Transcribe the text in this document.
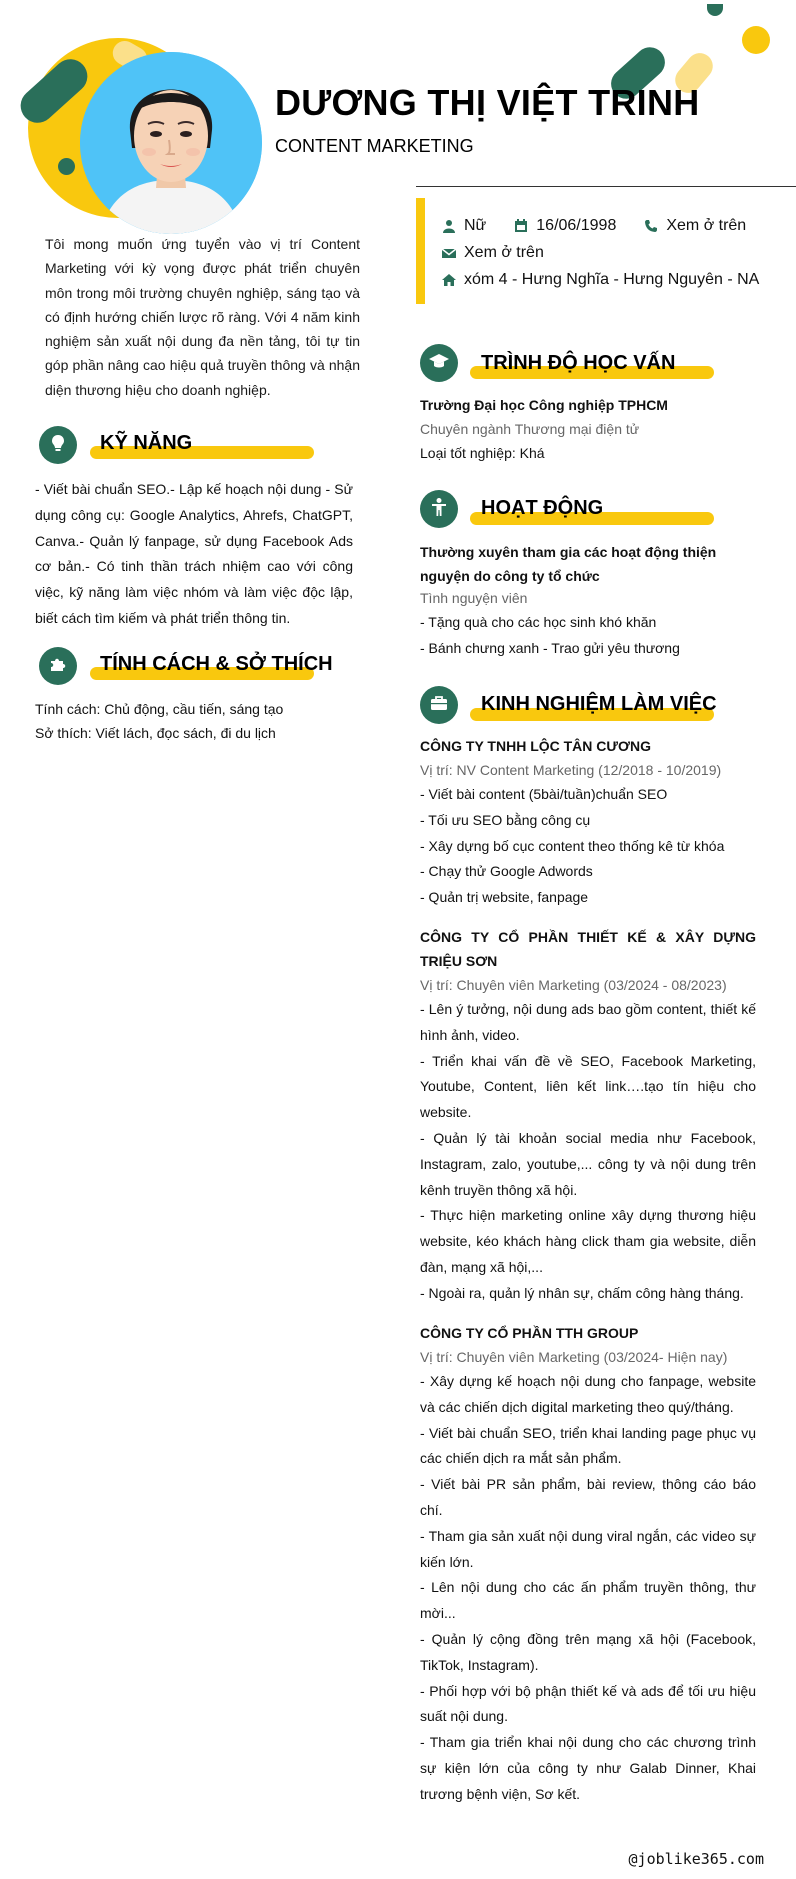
DƯƠNG THỊ VIỆT TRINH
CONTENT MARKETING
Tôi mong muốn ứng tuyển vào vị trí Content Marketing với kỳ vọng được phát triển chuyên môn trong môi trường chuyên nghiệp, sáng tạo và có định hướng chiến lược rõ ràng. Với 4 năm kinh nghiệm sản xuất nội dung đa nền tảng, tôi tự tin góp phần nâng cao hiệu quả truyền thông và nhận diện thương hiệu cho doanh nghiệp.
Nữ	16/06/1998	Xem ở trên
Xem ở trên
xóm 4 - Hưng Nghĩa - Hưng Nguyên - NA
KỸ NĂNG
- Viết bài chuẩn SEO.- Lập kế hoạch nội dung - Sử dụng công cụ: Google Analytics, Ahrefs, ChatGPT, Canva.- Quản lý fanpage, sử dụng Facebook Ads cơ bản.- Có tinh thần trách nhiệm cao với công việc, kỹ năng làm việc nhóm và làm việc độc lập, biết cách tìm kiếm và phát triển thông tin.
TÍNH CÁCH & SỞ THÍCH
Tính cách: Chủ động, cầu tiến, sáng tạo
Sở thích: Viết lách, đọc sách, đi du lịch
TRÌNH ĐỘ HỌC VẤN
Trường Đại học Công nghiệp TPHCM
Chuyên ngành Thương mại điện tử
Loại tốt nghiệp: Khá
HOẠT ĐỘNG
Thường xuyên tham gia các hoạt động thiện nguyện do công ty tổ chức
Tình nguyện viên
- Tặng quà cho các học sinh khó khăn
- Bánh chưng xanh - Trao gửi yêu thương
KINH NGHIỆM LÀM VIỆC
CÔNG TY TNHH LỘC TÂN CƯƠNG
Vị trí: NV Content Marketing (12/2018 - 10/2019)
- Viết bài content (5bài/tuần)chuẩn SEO
- Tối ưu SEO bằng công cụ
- Xây dựng bố cục content theo thống kê từ khóa
- Chạy thử Google Adwords
- Quản trị website, fanpage
CÔNG TY CỔ PHẦN THIẾT KẾ & XÂY DỰNG TRIỆU SƠN
Vị trí: Chuyên viên Marketing (03/2024 - 08/2023)
- Lên ý tưởng, nội dung ads bao gồm content, thiết kế hình ảnh, video.
- Triển khai vấn đề về SEO, Facebook Marketing, Youtube, Content, liên kết link….tạo tín hiệu cho website.
- Quản lý tài khoản social media như Facebook, Instagram, zalo, youtube,... công ty và nội dung trên kênh truyền thông xã hội.
- Thực hiện marketing online xây dựng thương hiệu website, kéo khách hàng click tham gia website, diễn đàn, mạng xã hội,...
- Ngoài ra, quản lý nhân sự, chấm công hàng tháng.
CÔNG TY CỔ PHẦN TTH GROUP
Vị trí: Chuyên viên Marketing (03/2024- Hiện nay)
- Xây dựng kế hoạch nội dung cho fanpage, website và các chiến dịch digital marketing theo quý/tháng.
- Viết bài chuẩn SEO, triển khai landing page phục vụ các chiến dịch ra mắt sản phẩm.
- Viết bài PR sản phẩm, bài review, thông cáo báo chí.
- Tham gia sản xuất nội dung viral ngắn, các video sự kiến lớn.
- Lên nội dung cho các ấn phẩm truyền thông, thư mời...
- Quản lý cộng đồng trên mạng xã hội (Facebook, TikTok, Instagram).
- Phối hợp với bộ phận thiết kế và ads để tối ưu hiệu suất nội dung.
- Tham gia triển khai nội dung cho các chương trình sự kiện lớn của công ty như Galab Dinner, Khai trương bệnh viện, Sơ kết.
@joblike365.com
